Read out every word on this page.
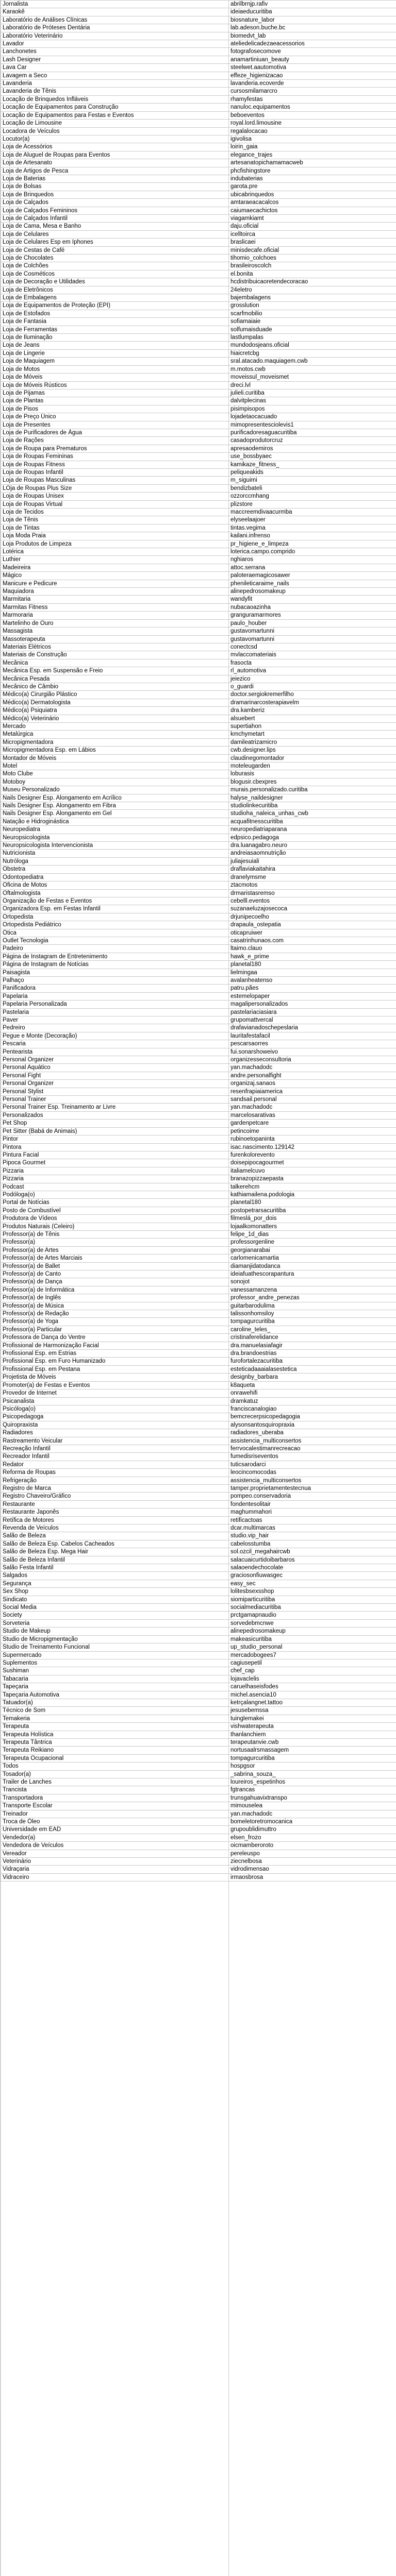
Jornalista	abrilbrnjp.rafiv
Karaokê	ideiaeducuritiba
Laboratório de Análises Clínicas	biosnature_labor
Laboratório de Próteses Dentária	lab.adeson.buche.bc
Laboratório Veterinário	biomedvt_lab
Lavador	ateliedelicadezaeacessorios
Lanchonetes	fotografosecomove
Lash Designer	anamartiniuan_beauty
Lava Car	steelwet.aautomotiva
Lavagem a Seco	effeze_higienizacao
Lavanderia	lavanderia.ecoverde
Lavanderia de Tênis	cursosmilamarcro
Locação de Brinquedos Infláveis	rhamyfestas
Locação de Equipamentos para Construção	nanuloc.equipamentos
Locação de Equipamentos para Festas e Eventos	beboeventos
Locação de Limousine	royal.lord.limousine
Locadora de Veículos	regalalocacao
Locutor(a)	igivolisa
Loja de Acessórios	loirin_gaia
Loja de Aluguel de Roupas para Eventos	elegance_trajes
Loja de Artesanato	artesanatopichamamacweb
Loja de Artigos de Pesca	phcfishingstore
Loja de Baterias	indubaterias
Loja de Bolsas	garota.pre
Loja de Brinquedos	ubicabrinquedos
Loja de Calçados	amtaraeacacalcos
Loja de Calçados Femininos	caiumaecachictos
Loja de Calçados Infantil	viagamkiamt
Loja de Cama, Mesa e Banho	daju.oficial
Loja de Celulares	icelltoirca
Loja de Celulares Esp em Iphones	braslicaei
Loja de Cestas de Café	minisdecafe.oficial
Loja de Chocolates	tihomio_colchoes
Loja de Colchões	brasileiroscolch
Loja de Cosméticos	el.bonita
Loja de Decoração e Utilidades	hcdistribuicaoretendecoracao
Loja de Eletrônicos	24eletro
Loja de Embalagens	bajembalagens
Loja de Equipamentos de Proteção (EPI)	grosslution
Loja de Estofados	scarfmobilio
Loja de Fantasia	sofiamaiaie
Loja de Ferramentas	solfumaisduade
Loja de Iluminação	lastlumpalas
Loja de Jeans	mundodosjeans.oficial
Loja de Lingerie	hiaicretcbg
Loja de Maquiagem	sral.atacado.maquiagem.cwb
Loja de Motos	m.motos.cwb
Loja de Móveis	moveissul_moveismet
Loja de Móveis Rústicos	dreci.lvl
Loja de Pijamas	julieli.curitiba
Loja de Plantas	dalvitplecinas
Loja de Pisos	pisimpisopos
Loja de Preço Único	lojadetaocacuado
Loja de Presentes	mimopresentesciolevis1
Loja de Purificadores de Água	purificadoresaguacuritiba
Loja de Rações	casadoprodutorcruz
Loja de Roupa para Prematuros	apresaodemiros
Loja de Roupas Femininas	use_bossbyaec
Loja de Roupas Fitness	kamikaze_fitness_
Loja de Roupas Infantil	peliqueakids
Loja de Roupas Masculinas	m_siguimi
LOja de Roupas Plus Size	bendizbateli
Loja de Roupas Unisex	ozzorccmhang
Loja de Roupas Virtual	plizstore
Loja de Tecidos	maccreemdivaacurmba
Loja de Tênis	elyseelaajoer
Loja de Tintas	tintas.vegima
Loja Moda Praia	kailani.infrenso
Loja Produtos de Limpeza	pr_higiene_e_limpeza
Lotérica	loterica.campo.comprido
Luthier	nghiaros
Madeireira	attoc.serrana
Mágico	paloteraemagicosawer
Manicure e Pedicure	phenileticaraime_nails
Maquiadora	alinepedrosomakeup
Marmitaria	wandyfit
Marmitas Fitness	nubacaoazinha
Marmoraria	granguramarmores
Martelinho de Ouro	paulo_houber
Massagista	gustavomartunni
Massoterapeuta	gustavomartunni
Materiais Elétricos	conectcsd
Materiais de Construção	mvlaccomateriais
Mecânica	frasocta
Mecânica Esp. em Suspensão e Freio	rl_automotiva
Mecânica Pesada	jeiezico
Mecânico de Câmbio	o_guardi
Médico(a) Cirurgião Plástico	doctor.sergiokremerfilho
Médico(a) Dermatologista	dramarinarcosterapiavelm
Médico(a) Psiquiatra	dra.kamberiz
Médico(a) Veterinário	alsuebert
Mercado	supertiahon
Metalúrgica	kmchymetart
Micropigmentadora	damileatrizamicro
Micropigmentadora Esp. em Lábios	cwb.designer.lips
Montador de Móveis	claudinegomontador
Motel	moteleugarden
Moto Clube	loburasis
Motoboy	blogusir.cbexpres
Museu Personalizado	murais.personalizado.curitiba
Nails Designer Esp. Alongamento em Acrílico	halyse_naildesigner
Nails Designer Esp. Alongamento em Fibra	studiolinkecuritiba
Nails Designer Esp. Alongamento em Gel	studioha_naleica_unhas_cwb
Natação e Hidroginástica	acquafitnesscuritiba
Neuropediatra	neuropediatriaparana
Neuropsicologista	edpsico.pedagoga
Neuropsicologista Intervencionista	dra.luanagabro.neuro
Nutricionista	andreiasaomnutrição
Nutróloga	juliajesuiali
Obstetra	draflaviakaitahira
Odontopediatra	dranelymsme
Oficina de Motos	ztacmotos
Oftalmologista	drmaristasremso
Organização de Festas e Eventos	cebelll.eventos
Organizadora Esp. em Festas Infantil	suzanaeluzajosecoca
Ortopedista	drjunipecoelho
Ortopedista Pediátrico	drapaula_ostepatia
Ótica	oticapruiwer
Outlet Tecnologia	casatrinhunaos.com
Padeiro	ltaimo.clauo
Página de Instagram de Entretenimento	hawk_e_prime
Página de Instagram de Notícias	planetal180
Paisagista	lielmingaa
Palhaço	avalanheatenso
Panificadora	patru.pães
Papelaria	estemelopaper
Papelaria Personalizada	magalipersonalizados
Pastelaria	pastelariaciasiara
Paver	grupomattvercal
Pedreiro	drafavianadoschepeslaria
Pegue e Monte (Decoração)	lauritafestafacil
Pescaria	pescarsaorres
Pentearista	fui.sonarshoweivo
Personal Organizer	organizesseconsultoria
Personal Aquático	yan.machadodc
Personal Fight	andre.personalfight
Personal Organizer	organizaj.sanaos
Personal Stylist	resenfrapiaiamerica
Personal Trainer	sandsail.personal
Personal Trainer Esp. Treinamento ar Livre	yan.machadodc
Personalizados	marcelosarativas
Pet Shop	gardenpetcare
Pet Sitter (Babá de Animais)	petincoime
Pintor	rubinoetopaninta
Pintora	isac.nascimento.129142
Pintura Facial	furenkolorevento
Pipoca Gourmet	doisepipocagourmet
Pizzaria	italiamelcuvo
Pizzaria	branazopizzaepasta
Podcast	talkerehcm
Podóloga(o)	kathiamailena.podologia
Portal de Notícias	planetal180
Posto de Combustível	postopetrarsacuritiba
Produtora de Vídeos	filmeslá_por_dois
Produtos Naturais (Celeiro)	lojaalkomonatters
Professor(a) de Tênis	felipe_1d_dias
Professor(a)	professorgenline
Professor(a) de Artes	georgianarabai
Professor(a) de Artes Marciais	carlomenicamartia
Professor(a) de Ballet	diamanjidatodanca
Professor(a) de Canto	ideiafuathescorapantura
Professor(a) de Dança	sonojot
Professor(a) de Informática	vanessamanzena
Professor(a) de Inglês	professor_andre_penezas
Professor(a) de Música	guitarbarodulima
Professor(a) de Redação	talissonhomsiloy
Professor(a) de Yoga	tompagurcuritiba
Professor(a) Particular	caroline_teles_
Professora de Dança do Ventre	cristinaferelidance
Profissional de Harmonização Facial	dra.manuelasiafagir
Profissional Esp. em Estrias	dra.brandoestrias
Profissional Esp. em Furo Humanizado	furofortalezacuritiba
Profissional Esp. em Pestana	esteticadaaaialasestetica
Projetista de Móveis	designby_barbara
Promoter(a) de Festas e Eventos	k8aqueta
Provedor de Internet	onrawehifi
Psicanalista	dramkatuz
Psicóloga(o)	franciscanalogiao
Psicopedagoga	bemcrecerpsicopedagogia
Quiropraxista	alysonsantosquiropraxia
Radiadores	radiadores_uberaba
Rastreamento Veicular	assistencia_multiconsertos
Recreação Infantil	ferrvocalestimanrecreacao
Recreador Infantil	fumedisriseventos
Redator	tuticsarodarci
Reforma de Roupas	leocincomocodas
Refrigeração	assistencia_multiconsertos
Registro de Marca	tamper.proprietamentestecnua
Registro Chaveiro/Gráfico	pompeo.conservadoria
Restaurante	fondentesolitair
Restaurante Japonês	maghummahori
Retífica de Motores	retificactoas
Revenda de Veículos	dcar.multimarcas
Salão de Beleza	studio.vip_hair
Salão de Beleza Esp. Cabelos Cacheados	cabelosstumba
Salão de Beleza Esp. Mega Hair	sol.ozcil_megahaircwb
Salão de Beleza Infantil	salacuaicurtidoibarbaros
Salão Festa Infantil	salaoendechocolate
Salgados	graciosonfiuwasgec
Segurança	easy_sec
Sex Shop	lolitesbsexsshop
Sindicato	siomiparticuritiba
Social Media	socialmediacuritiba
Society	prctgamapnaudio
Sorveteria	sorvedebmcnwe
Studio de Makeup	alinepedrosomakeup
Studio de Micropigmentação	makeasicuritiba
Studio de Treinamento Funcional	up_studio_personal
Supermercado	mercadobogees7
Suplementos	cagiusepetil
Sushiman	chef_cap
Tabacaria	lojavaclelis
Tapeçaria	caruelhaseisfodes
Tapeçaria Automotiva	michel.asencia10
Tatuador(a)	ketrçalangnet.tattoo
Técnico de Som	jesusebemssa
Temakeria	tuinglemakei
Terapeuta	vishwaterapeuta
Terapeuta Holística	thanlanchiem
Terapeuta Tântrica	terapeutanvie.cwb
Terapeuta Reikiano	nortusaalrsmassagem
Terapeuta Ocupacional	tompagurcuritiba
Todos	hospgsor
Tosador(a)	_sabrina_souza_
Trailer de Lanches	loureiros_espetinhos
Trancista	fgtrancas
Transportadora	trunsgahuavixtranspo
Transporte Escolar	mimouselea
Treinador	yan.machadodc
Troca de Óleo	bomeletoretromocanica
Universidade em EAD	grupoublidimuttro
Vendedor(a)	elsen_frozo
Vendedora de Veículos	oicmamberoroto
Vereador	pereleuspo
Veterinário	ziecnelbosa
Vidraçaria	vidrodimensao
Vidraceiro	irmaosbrosa
